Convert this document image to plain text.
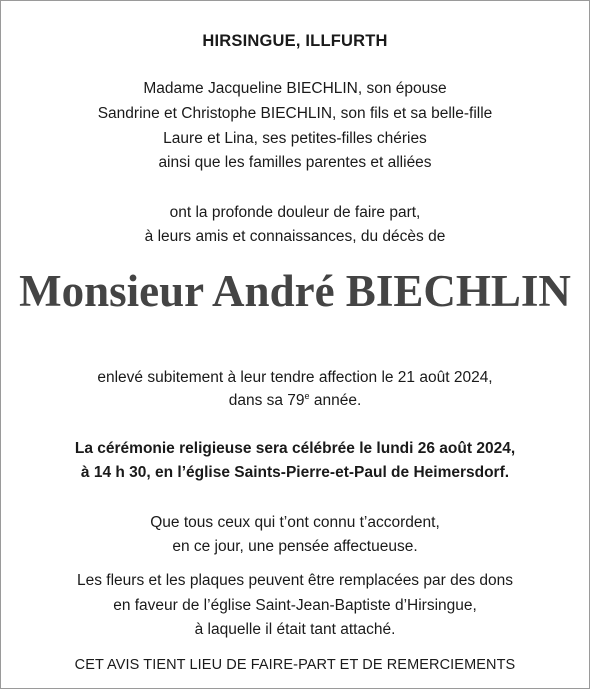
HIRSINGUE, ILLFURTH
Madame Jacqueline BIECHLIN, son épouse
Sandrine et Christophe BIECHLIN, son fils et sa belle-fille
Laure et Lina, ses petites-filles chéries
ainsi que les familles parentes et alliées
ont la profonde douleur de faire part,
à leurs amis et connaissances, du décès de
Monsieur André BIECHLIN
enlevé subitement à leur tendre affection le 21 août 2024,
dans sa 79e année.
La cérémonie religieuse sera célébrée le lundi 26 août 2024,
à 14 h 30, en l’église Saints-Pierre-et-Paul de Heimersdorf.
Que tous ceux qui t’ont connu t’accordent,
en ce jour, une pensée affectueuse.
Les fleurs et les plaques peuvent être remplacées par des dons
en faveur de l’église Saint-Jean-Baptiste d’Hirsingue,
à laquelle il était tant attaché.
CET AVIS TIENT LIEU DE FAIRE-PART ET DE REMERCIEMENTS
